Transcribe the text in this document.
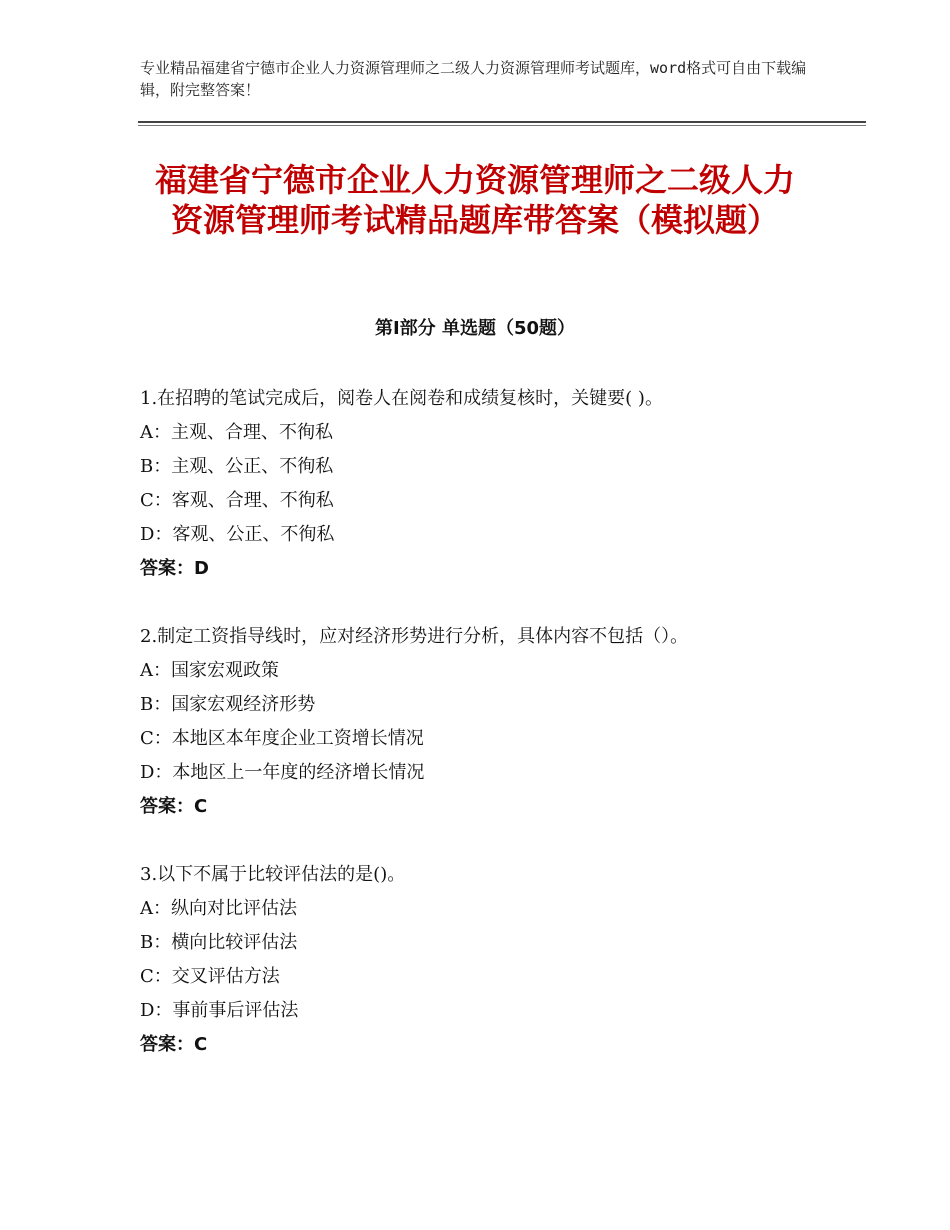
专业精品福建省宁德市企业人力资源管理师之二级人力资源管理师考试题库，word格式可自由下载编辑，附完整答案！
福建省宁德市企业人力资源管理师之二级人力资源管理师考试精品题库带答案（模拟题）
第Ⅰ部分 单选题（50题）
1.在招聘的笔试完成后，阅卷人在阅卷和成绩复核时，关键要( )。
A：主观、合理、不徇私
B：主观、公正、不徇私
C：客观、合理、不徇私
D：客观、公正、不徇私
答案：D
2.制定工资指导线时，应对经济形势进行分析，具体内容不包括（）。
A：国家宏观政策
B：国家宏观经济形势
C：本地区本年度企业工资增长情况
D：本地区上一年度的经济增长情况
答案：C
3.以下不属于比较评估法的是()。
A：纵向对比评估法
B：横向比较评估法
C：交叉评估方法
D：事前事后评估法
答案：C
